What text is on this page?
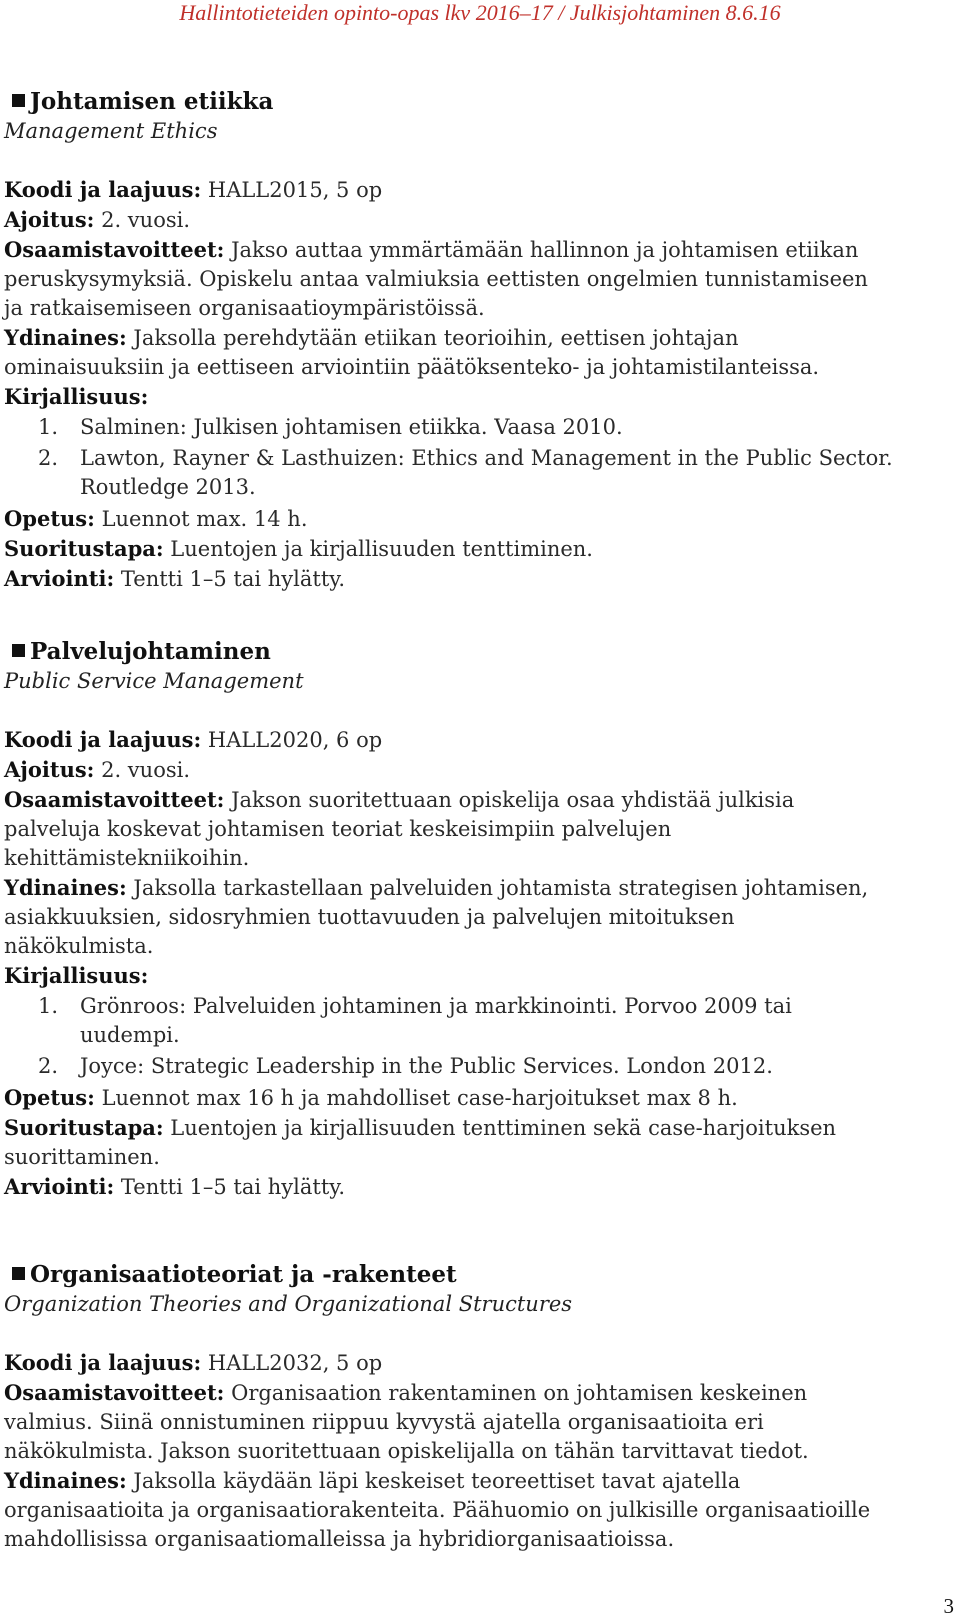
Hallintotieteiden opinto-opas lkv 2016–17 / Julkisjohtaminen 8.6.16
Johtamisen etiikka
Management Ethics
Koodi ja laajuus: HALL2015, 5 op
Ajoitus: 2. vuosi.
Osaamistavoitteet: Jakso auttaa ymmärtämään hallinnon ja johtamisen etiikan
peruskysymyksiä. Opiskelu antaa valmiuksia eettisten ongelmien tunnistamiseen
ja ratkaisemiseen organisaatioympäristöissä.
Ydinaines: Jaksolla perehdytään etiikan teorioihin, eettisen johtajan
ominaisuuksiin ja eettiseen arviointiin päätöksenteko- ja johtamistilanteissa.
Kirjallisuus:
1. Salminen: Julkisen johtamisen etiikka. Vaasa 2010.
2. Lawton, Rayner & Lasthuizen: Ethics and Management in the Public Sector.
Routledge 2013.
Opetus: Luennot max. 14 h.
Suoritustapa: Luentojen ja kirjallisuuden tenttiminen.
Arviointi: Tentti 1–5 tai hylätty.
Palvelujohtaminen
Public Service Management
Koodi ja laajuus: HALL2020, 6 op
Ajoitus: 2. vuosi.
Osaamistavoitteet: Jakson suoritettuaan opiskelija osaa yhdistää julkisia
palveluja koskevat johtamisen teoriat keskeisimpiin palvelujen
kehittämistekniikoihin.
Ydinaines: Jaksolla tarkastellaan palveluiden johtamista strategisen johtamisen,
asiakkuuksien, sidosryhmien tuottavuuden ja palvelujen mitoituksen
näkökulmista.
Kirjallisuus:
1. Grönroos: Palveluiden johtaminen ja markkinointi. Porvoo 2009 tai
uudempi.
2. Joyce: Strategic Leadership in the Public Services. London 2012.
Opetus: Luennot max 16 h ja mahdolliset case-harjoitukset max 8 h.
Suoritustapa: Luentojen ja kirjallisuuden tenttiminen sekä case-harjoituksen
suorittaminen.
Arviointi: Tentti 1–5 tai hylätty.
Organisaatioteoriat ja -rakenteet
Organization Theories and Organizational Structures
Koodi ja laajuus: HALL2032, 5 op
Osaamistavoitteet: Organisaation rakentaminen on johtamisen keskeinen
valmius. Siinä onnistuminen riippuu kyvystä ajatella organisaatioita eri
näkökulmista. Jakson suoritettuaan opiskelijalla on tähän tarvittavat tiedot.
Ydinaines: Jaksolla käydään läpi keskeiset teoreettiset tavat ajatella
organisaatioita ja organisaatiorakenteita. Päähuomio on julkisille organisaatioille
mahdollisissa organisaatiomalleissa ja hybridiorganisaatioissa.
3
